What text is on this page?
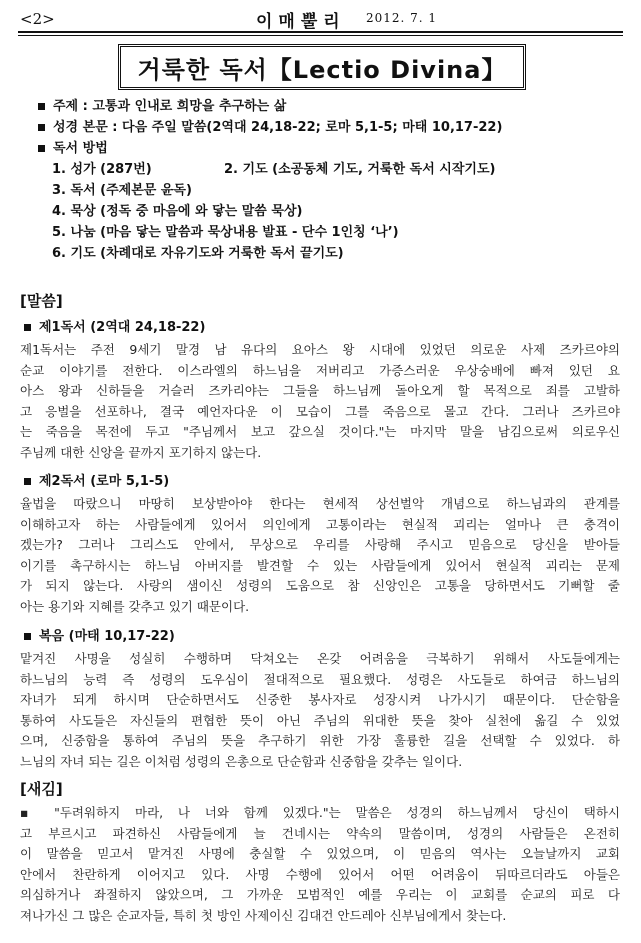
<2>	이매뿔리 2012. 7. 1
거룩한 독서【Lectio Divina】
주제 : 고통과 인내로 희망을 추구하는 삶
성경 본문 : 다음 주일 말씀(2역대 24,18-22; 로마 5,1-5; 마태 10,17-22)
독서 방법
1. 성가 (287번)	2. 기도 (소공동체 기도, 거룩한 독서 시작기도)
3. 독서 (주제본문 윤독)
4. 묵상 (정독 중 마음에 와 닿는 말씀 묵상)
5. 나눔 (마음 닿는 말씀과 묵상내용 발표 - 단수 1인칭 ‘나’)
6. 기도 (차례대로 자유기도와 거룩한 독서 끝기도)
[말씀]
제1독서 (2역대 24,18-22)
제1독서는 주전 9세기 말경 남 유다의 요아스 왕 시대에 있었던 의로운 사제 즈카르야의
순교 이야기를 전한다. 이스라엘의 하느님을 저버리고 가증스러운 우상숭배에 빠져 있던 요
아스 왕과 신하들을 거슬러 즈카리야는 그들을 하느님께 돌아오게 할 목적으로 죄를 고발하
고 응벌을 선포하나, 결국 예언자다운 이 모습이 그를 죽음으로 몰고 간다. 그러나 즈카르야
는 죽음을 목전에 두고 "주님께서 보고 갚으실 것이다."는 마지막 말을 남김으로써 의로우신
주님께 대한 신앙을 끝까지 포기하지 않는다.
제2독서 (로마 5,1-5)
율법을 따랐으니 마땅히 보상받아야 한다는 현세적 상선벌악 개념으로 하느님과의 관계를
이해하고자 하는 사람들에게 있어서 의인에게 고통이라는 현실적 괴리는 얼마나 큰 충격이
겠는가? 그러나 그리스도 안에서, 무상으로 우리를 사랑해 주시고 믿음으로 당신을 받아들
이기를 촉구하시는 하느님 아버지를 발견할 수 있는 사람들에게 있어서 현실적 괴리는 문제
가 되지 않는다. 사랑의 샘이신 성령의 도움으로 참 신앙인은 고통을 당하면서도 기뻐할 줄
아는 용기와 지혜를 갖추고 있기 때문이다.
복음 (마태 10,17-22)
맡겨진 사명을 성실히 수행하며 닥쳐오는 온갖 어려움을 극복하기 위해서 사도들에게는
하느님의 능력 즉 성령의 도우심이 절대적으로 필요했다. 성령은 사도들로 하여금 하느님의
자녀가 되게 하시며 단순하면서도 신중한 봉사자로 성장시켜 나가시기 때문이다. 단순함을
통하여 사도들은 자신들의 편협한 뜻이 아닌 주님의 위대한 뜻을 찾아 실천에 옮길 수 있었
으며, 신중함을 통하여 주님의 뜻을 추구하기 위한 가장 훌륭한 길을 선택할 수 있었다. 하
느님의 자녀 되는 길은 이처럼 성령의 은총으로 단순함과 신중함을 갖추는 일이다.
[새김]
▪ "두려워하지 마라, 나 너와 함께 있겠다."는 말씀은 성경의 하느님께서 당신이 택하시
고 부르시고 파견하신 사람들에게 늘 건네시는 약속의 말씀이며, 성경의 사람들은 온전히
이 말씀을 믿고서 맡겨진 사명에 충실할 수 있었으며, 이 믿음의 역사는 오늘날까지 교회
안에서 찬란하게 이어지고 있다. 사명 수행에 있어서 어떤 어려움이 뒤따르더라도 아들은
의심하거나 좌절하지 않았으며, 그 가까운 모범적인 예를 우리는 이 교회를 순교의 피로 다
져나가신 그 많은 순교자들, 특히 첫 방인 사제이신 김대건 안드레아 신부님에게서 찾는다.
